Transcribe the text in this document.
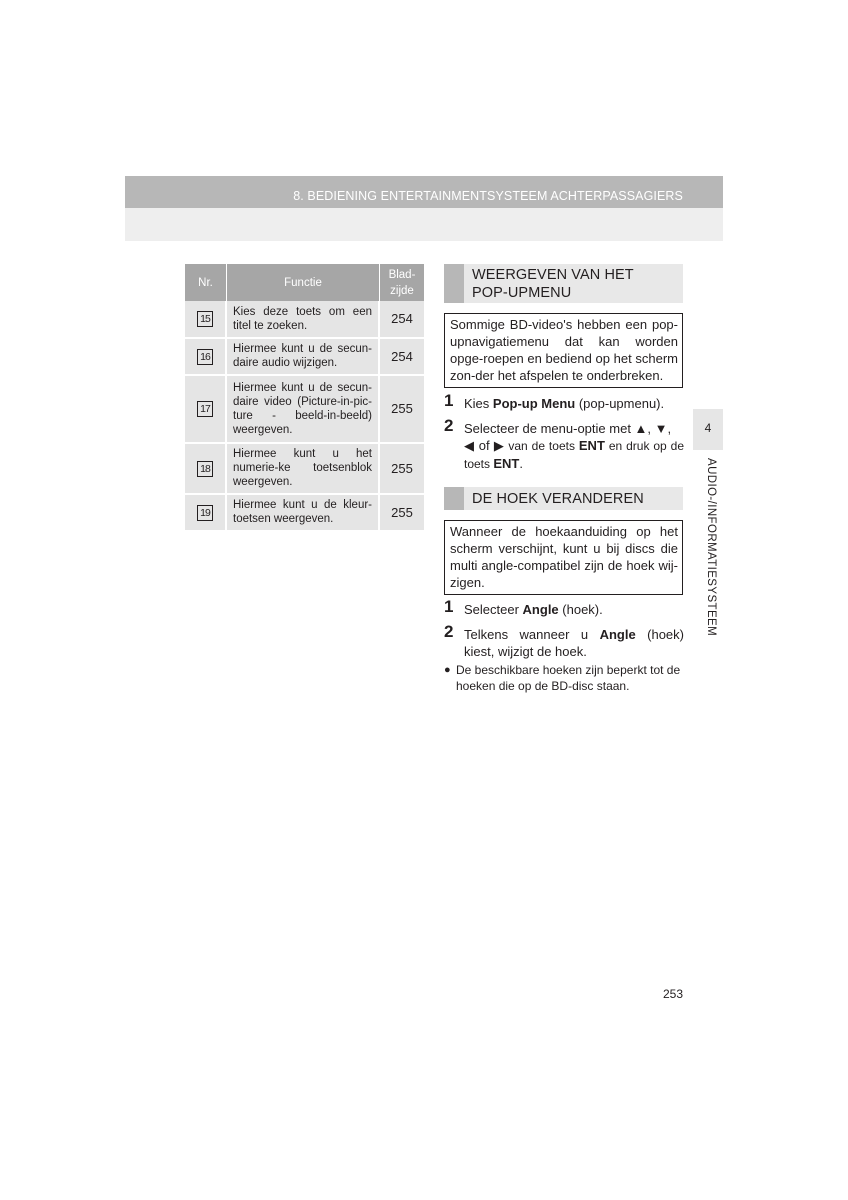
8. BEDIENING ENTERTAINMENTSYSTEEM ACHTERPASSAGIERS
Nr.	Functie	Blad-
zijde
15	Kies deze toets om een titel te zoeken.	254
16	Hiermee kunt u de secun-daire audio wijzigen.	254
17	Hiermee kunt u de secun-daire video (Picture-in-pic-ture - beeld-in-beeld) weergeven.	255
18	Hiermee kunt u het numerie-ke toetsenblok weergeven.	255
19	Hiermee kunt u de kleur-toetsen weergeven.	255
WEERGEVEN VAN HET
POP-UPMENU
Sommige BD-video's hebben een pop-upnavigatiemenu dat kan worden opge-roepen en bediend op het scherm zon-der het afspelen te onderbreken.
1 Kies Pop-up Menu (pop-upmenu).
2 Selecteer de menu-optie met ▲, ▼,
◀ of ▶ van de toets ENT en druk op de toets ENT.
DE HOEK VERANDEREN
Wanneer de hoekaanduiding op het scherm verschijnt, kunt u bij discs die multi angle-compatibel zijn de hoek wij-zigen.
1 Selecteer Angle (hoek).
2 Telkens wanneer u Angle (hoek) kiest, wijzigt de hoek.
● De beschikbare hoeken zijn beperkt tot de hoeken die op de BD-disc staan.
4
AUDIO-/INFORMATIESYSTEEM
253
